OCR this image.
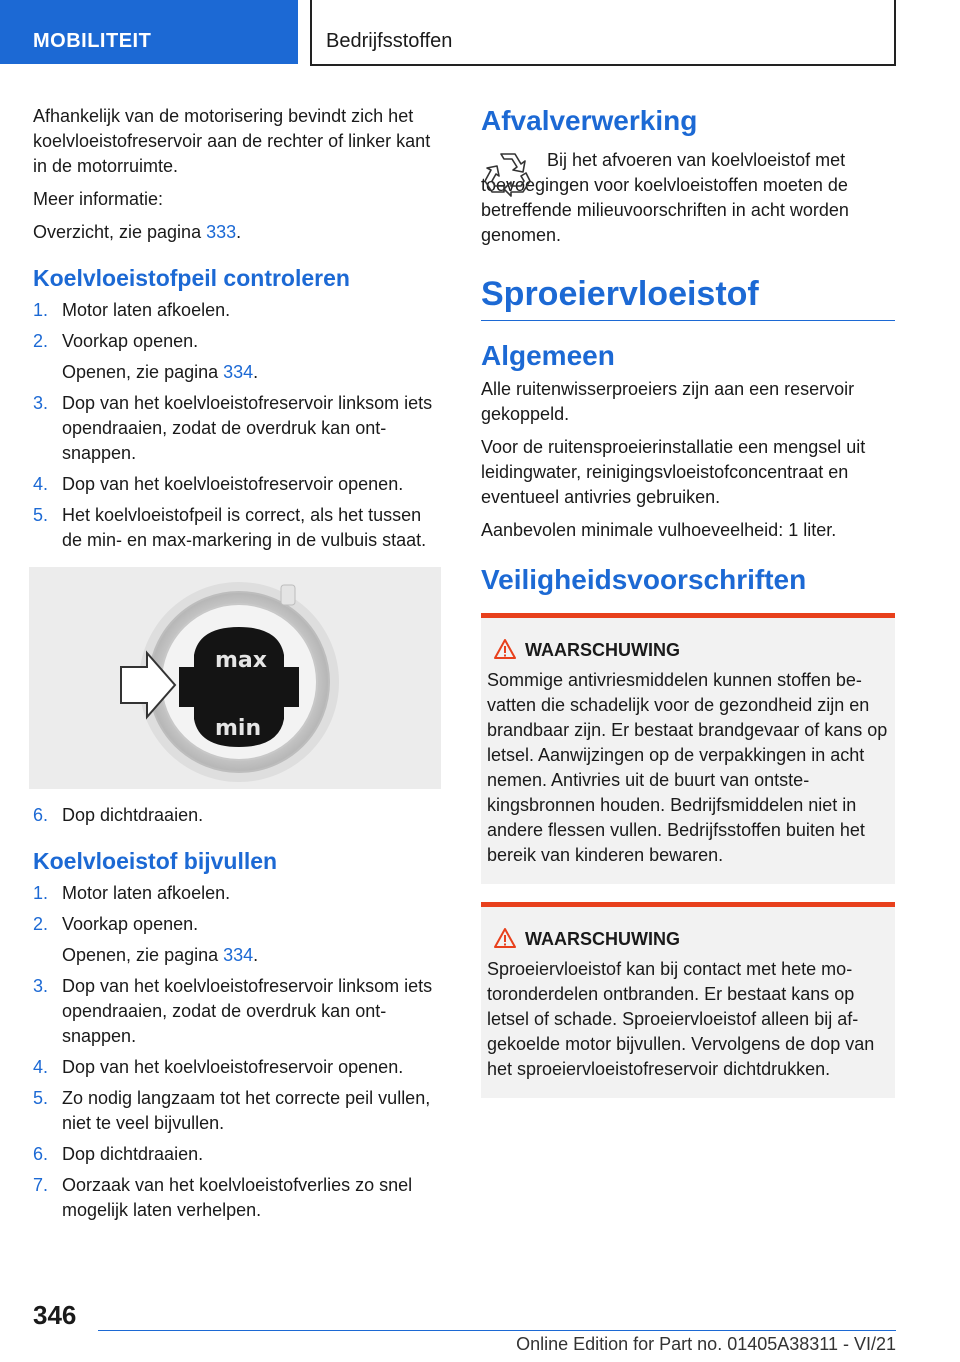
MOBILITEIT	Bedrijfsstoffen

Afhankelijk van de motorisering bevindt zich het koelvloeistofreservoir aan de rechter of linker kant in de motorruimte.

Meer informatie:

Overzicht, zie pagina 333.

Koelvloeistofpeil controleren
1. Motor laten afkoelen.
2. Voorkap openen.
Openen, zie pagina 334.
3. Dop van het koelvloeistofreservoir linksom iets opendraaien, zodat de overdruk kan ontsnappen.
4. Dop van het koelvloeistofreservoir openen.
5. Het koelvloeistofpeil is correct, als het tussen de min- en max-markering in de vulbuis staat.
max
min
6. Dop dichtdraaien.
Koelvloeistof bijvullen
1. Motor laten afkoelen.
2. Voorkap openen.
Openen, zie pagina 334.
3. Dop van het koelvloeistofreservoir linksom iets opendraaien, zodat de overdruk kan ontsnappen.
4. Dop van het koelvloeistofreservoir openen.
5. Zo nodig langzaam tot het correcte peil vullen, niet te veel bijvullen.
6. Dop dichtdraaien.
7. Oorzaak van het koelvloeistofverlies zo snel mogelijk laten verhelpen.
Afvalverwerking

Bij het afvoeren van koelvloeistof met toevoegingen voor koelvloeistoffen moeten de betreffende milieuvoorschriften in acht worden genomen.

Sproeiervloeistof
Algemeen

Alle ruitenwisserproeiers zijn aan een reservoir gekoppeld.

Voor de ruitensproeierinstallatie een mengsel uit leidingwater, reinigingsvloeistofconcentraat en eventueel antivries gebruiken.

Aanbevolen minimale vulhoeveelheid: 1 liter.

Veiligheidsvoorschriften
WAARSCHUWING

Sommige antivriesmiddelen kunnen stoffen bevatten die schadelijk voor de gezondheid zijn en brandbaar zijn. Er bestaat brandgevaar of kans op letsel. Aanwijzingen op de verpakkingen in acht nemen. Antivries uit de buurt van ontstekingsbronnen houden. Bedrijfsmiddelen niet in andere flessen vullen. Bedrijfsstoffen buiten het bereik van kinderen bewaren.

WAARSCHUWING

Sproeiervloeistof kan bij contact met hete motoronderdelen ontbranden. Er bestaat kans op letsel of schade. Sproeiervloeistof alleen bij afgekoelde motor bijvullen. Vervolgens de dop van het sproeiervloeistofreservoir dichtdrukken.

346
Online Edition for Part no. 01405A38311 - VI/21
